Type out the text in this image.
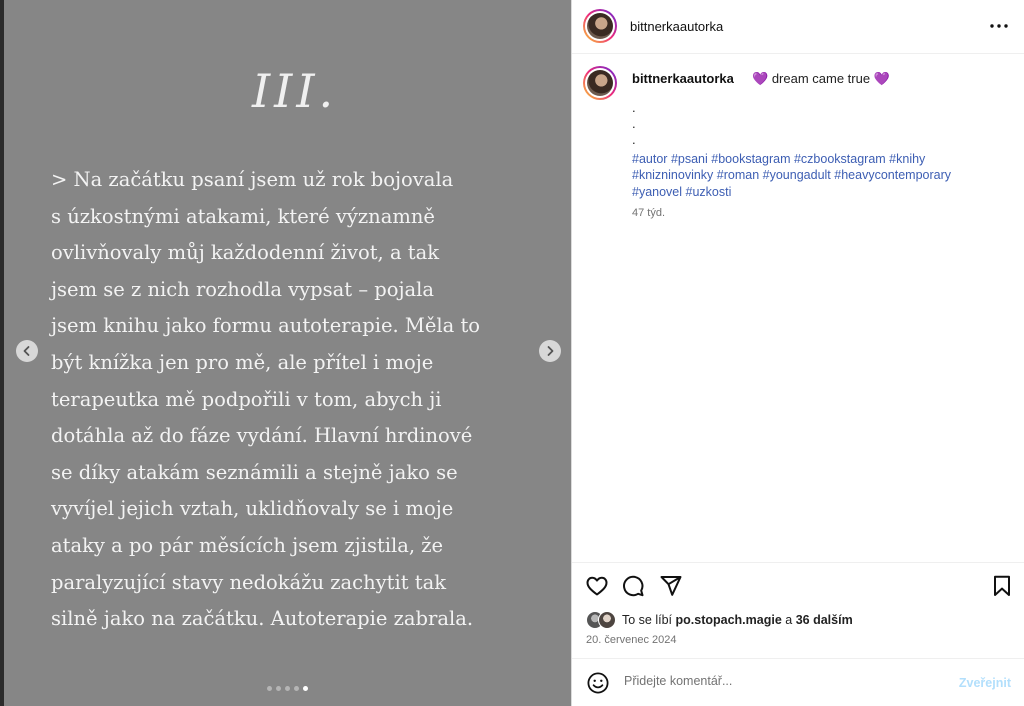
III.

> Na začátku psaní jsem už rok bojovala
s úzkostnými atakami, které významně
ovlivňovaly můj každodenní život, a tak
jsem se z nich rozhodla vypsat – pojala
jsem knihu jako formu autoterapie. Měla to
být knížka jen pro mě, ale přítel i moje
terapeutka mě podpořili v tom, abych ji
dotáhla až do fáze vydání. Hlavní hrdinové
se díky atakám seznámili a stejně jako se
vyvíjel jejich vztah, uklidňovaly se i moje
ataky a po pár měsících jsem zjistila, že
paralyzující stavy nedokážu zachytit tak
silně jako na začátku. Autoterapie zabrala.

bittnerkaautorka
bittnerkaautorka 💜 dream came true 💜
.
.
.
#autor #psani #bookstagram #czbookstagram #knihy
#knizninovinky #roman #youngadult #heavycontemporary
#yanovel #uzkosti
47 týd.
To se líbí po.stopach.magie a 36 dalším
20. červenec 2024
Přidejte komentář...
Zveřejnit
